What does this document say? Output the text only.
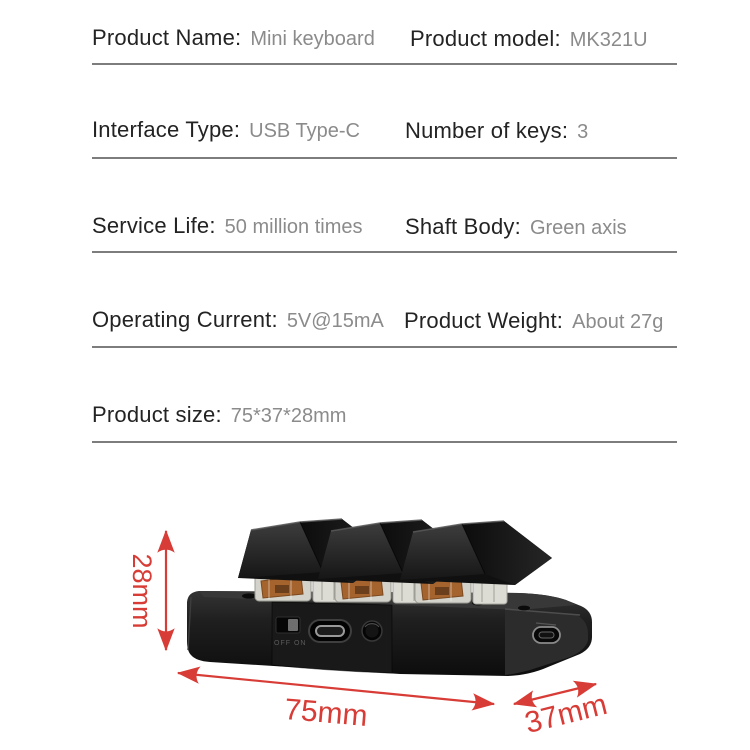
Product Name: Mini keyboard Product model: MK321U
Interface Type: USB Type-C Number of keys: 3
Service Life: 50 million times Shaft Body: Green axis
Operating Current: 5V@15mA Product Weight: About 27g
Product size: 75*37*28mm
OFF ON
28mm
75mm	37mm
